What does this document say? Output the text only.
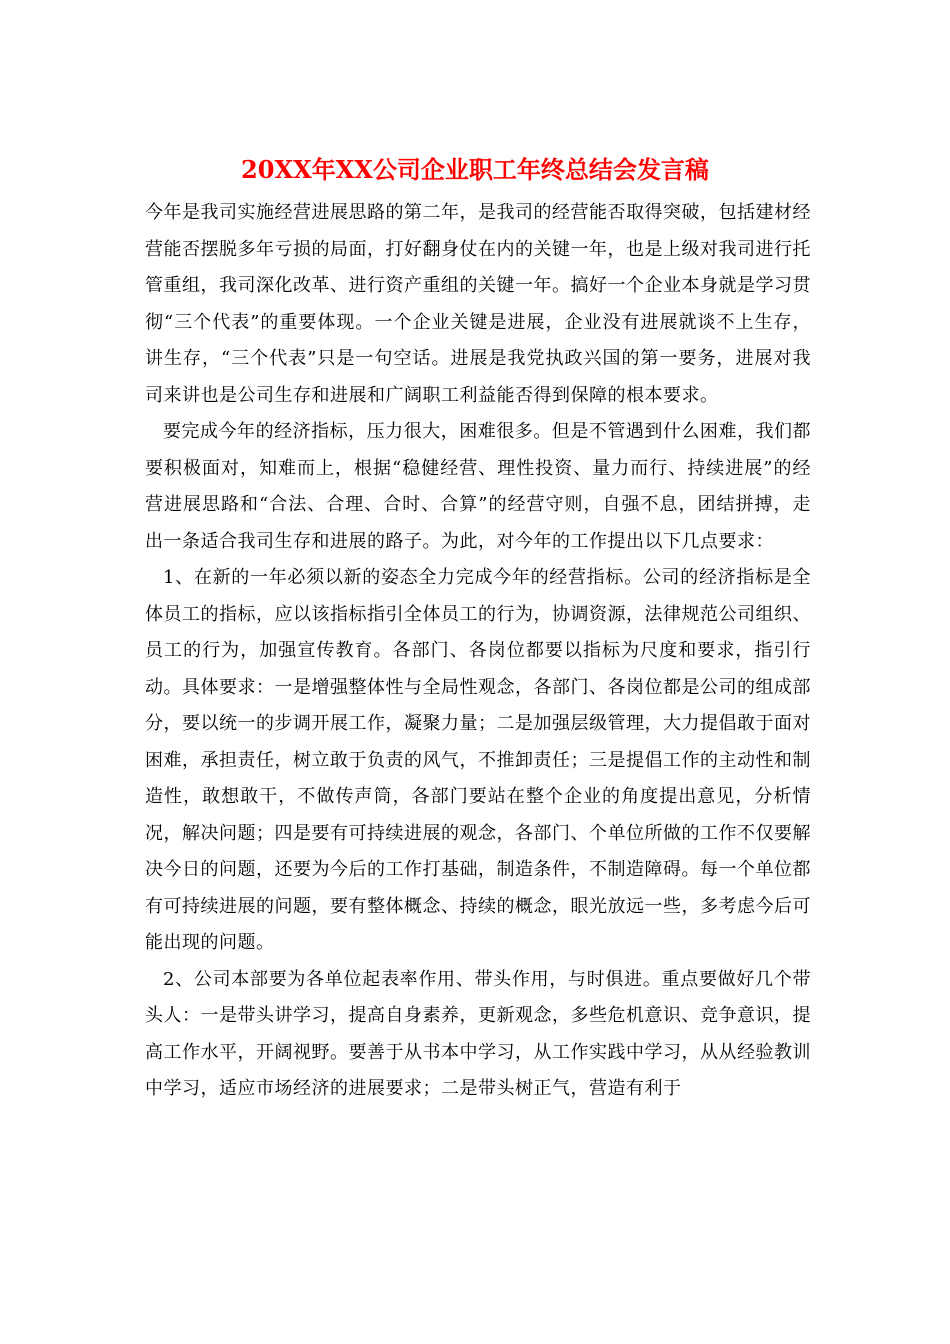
20XX年XX公司企业职工年终总结会发言稿

今年是我司实施经营进展思路的第二年，是我司的经营能否取得突破，包括建材经营能否摆脱多年亏损的局面，打好翻身仗在内的关键一年，也是上级对我司进行托管重组，我司深化改革、进行资产重组的关键一年。搞好一个企业本身就是学习贯彻“三个代表”的重要体现。一个企业关键是进展，企业没有进展就谈不上生存，讲生存，“三个代表”只是一句空话。进展是我党执政兴国的第一要务，进展对我司来讲也是公司生存和进展和广阔职工利益能否得到保障的根本要求。

要完成今年的经济指标，压力很大，困难很多。但是不管遇到什么困难，我们都要积极面对，知难而上，根据“稳健经营、理性投资、量力而行、持续进展”的经营进展思路和“合法、合理、合时、合算”的经营守则，自强不息，团结拼搏，走出一条适合我司生存和进展的路子。为此，对今年的工作提出以下几点要求：

1、在新的一年必须以新的姿态全力完成今年的经营指标。公司的经济指标是全体员工的指标，应以该指标指引全体员工的行为，协调资源，法律规范公司组织、员工的行为，加强宣传教育。各部门、各岗位都要以指标为尺度和要求，指引行动。具体要求：一是增强整体性与全局性观念，各部门、各岗位都是公司的组成部分，要以统一的步调开展工作，凝聚力量；二是加强层级管理，大力提倡敢于面对困难，承担责任，树立敢于负责的风气，不推卸责任；三是提倡工作的主动性和制造性，敢想敢干，不做传声筒，各部门要站在整个企业的角度提出意见，分析情况，解决问题；四是要有可持续进展的观念，各部门、个单位所做的工作不仅要解决今日的问题，还要为今后的工作打基础，制造条件，不制造障碍。每一个单位都有可持续进展的问题，要有整体概念、持续的概念，眼光放远一些，多考虑今后可能出现的问题。

2、公司本部要为各单位起表率作用、带头作用，与时俱进。重点要做好几个带头人：一是带头讲学习，提高自身素养，更新观念，多些危机意识、竞争意识，提高工作水平，开阔视野。要善于从书本中学习，从工作实践中学习，从从经验教训中学习，适应市场经济的进展要求；二是带头树正气，营造有利于
